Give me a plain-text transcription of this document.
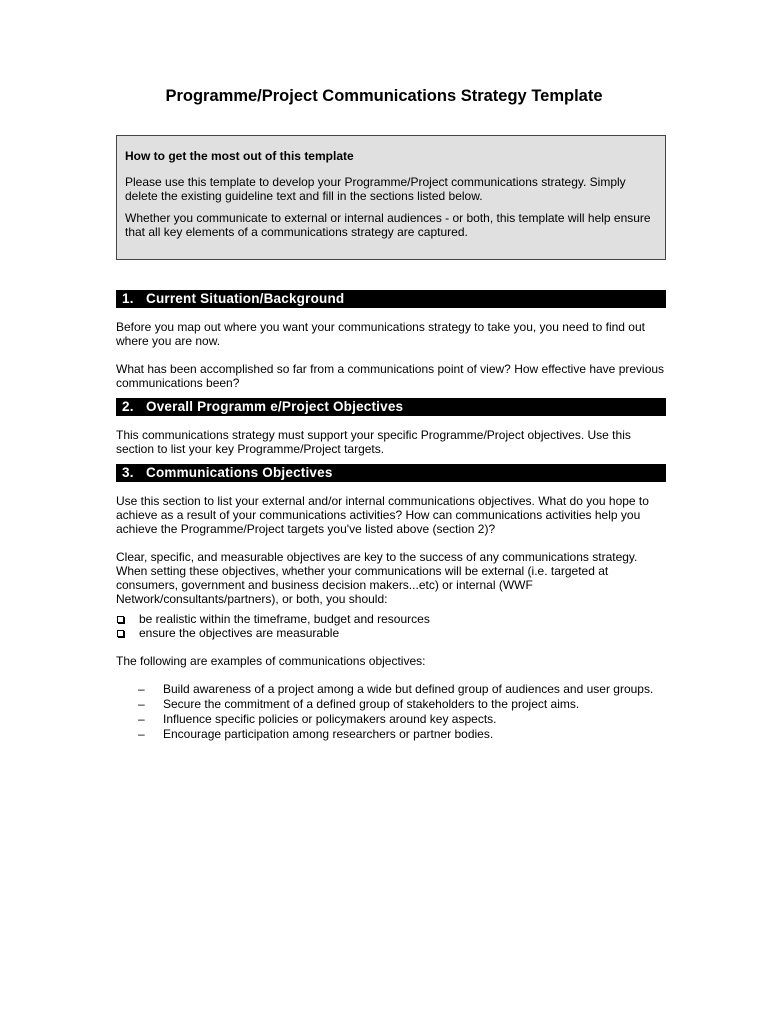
Programme/Project Communications Strategy Template

How to get the most out of this template

Please use this template to develop your Programme/Project communications strategy. Simply delete the existing guideline text and fill in the sections listed below.

Whether you communicate to external or internal audiences - or both, this template will help ensure that all key elements of a communications strategy are captured.

1. Current Situation/Background

Before you map out where you want your communications strategy to take you, you need to find out where you are now.

What has been accomplished so far from a communications point of view? How effective have previous communications been?

2. Overall Programm e/Project Objectives

This communications strategy must support your specific Programme/Project objectives. Use this section to list your key Programme/Project targets.

3. Communications Objectives

Use this section to list your external and/or internal communications objectives. What do you hope to achieve as a result of your communications activities? How can communications activities help you achieve the Programme/Project targets you've listed above (section 2)?

Clear, specific, and measurable objectives are key to the success of any communications strategy. When setting these objectives, whether your communications will be external (i.e. targeted at consumers, government and business decision makers...etc) or internal (WWF Network/consultants/partners), or both, you should:

be realistic within the timeframe, budget and resources
ensure the objectives are measurable

The following are examples of communications objectives:

– Build awareness of a project among a wide but defined group of audiences and user groups.
– Secure the commitment of a defined group of stakeholders to the project aims.
– Influence specific policies or policymakers around key aspects.
– Encourage participation among researchers or partner bodies.
